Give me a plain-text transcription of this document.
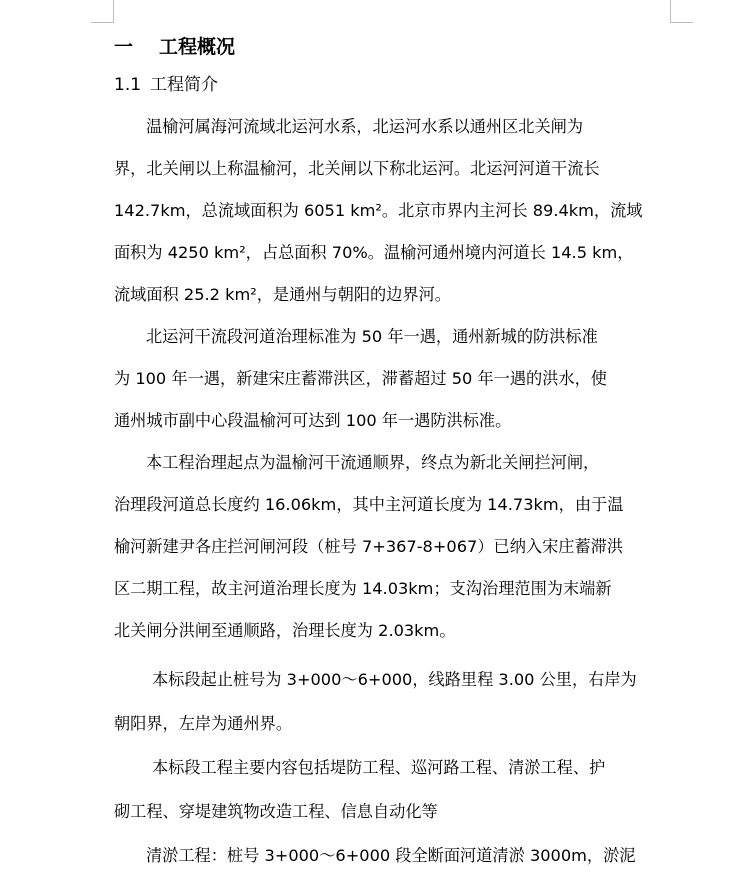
一 工程概况
1.1 工程简介
温榆河属海河流域北运河水系，北运河水系以通州区北关闸为
界，北关闸以上称温榆河，北关闸以下称北运河。北运河河道干流长
142.7km，总流域面积为 6051 km²。北京市界内主河长 89.4km，流域
面积为 4250 km²，占总面积 70%。温榆河通州境内河道长 14.5 km，
流域面积 25.2 km²，是通州与朝阳的边界河。
北运河干流段河道治理标准为 50 年一遇，通州新城的防洪标准
为 100 年一遇，新建宋庄蓄滞洪区，滞蓄超过 50 年一遇的洪水，使
通州城市副中心段温榆河可达到 100 年一遇防洪标准。
本工程治理起点为温榆河干流通顺界，终点为新北关闸拦河闸，
治理段河道总长度约 16.06km，其中主河道长度为 14.73km，由于温
榆河新建尹各庄拦河闸河段（桩号 7+367-8+067）已纳入宋庄蓄滞洪
区二期工程，故主河道治理长度为 14.03km；支沟治理范围为末端新
北关闸分洪闸至通顺路，治理长度为 2.03km。
本标段起止桩号为 3+000～6+000，线路里程 3.00 公里，右岸为
朝阳界，左岸为通州界。
本标段工程主要内容包括堤防工程、巡河路工程、清淤工程、护
砌工程、穿堤建筑物改造工程、信息自动化等
清淤工程：桩号 3+000～6+000 段全断面河道清淤 3000m，淤泥
